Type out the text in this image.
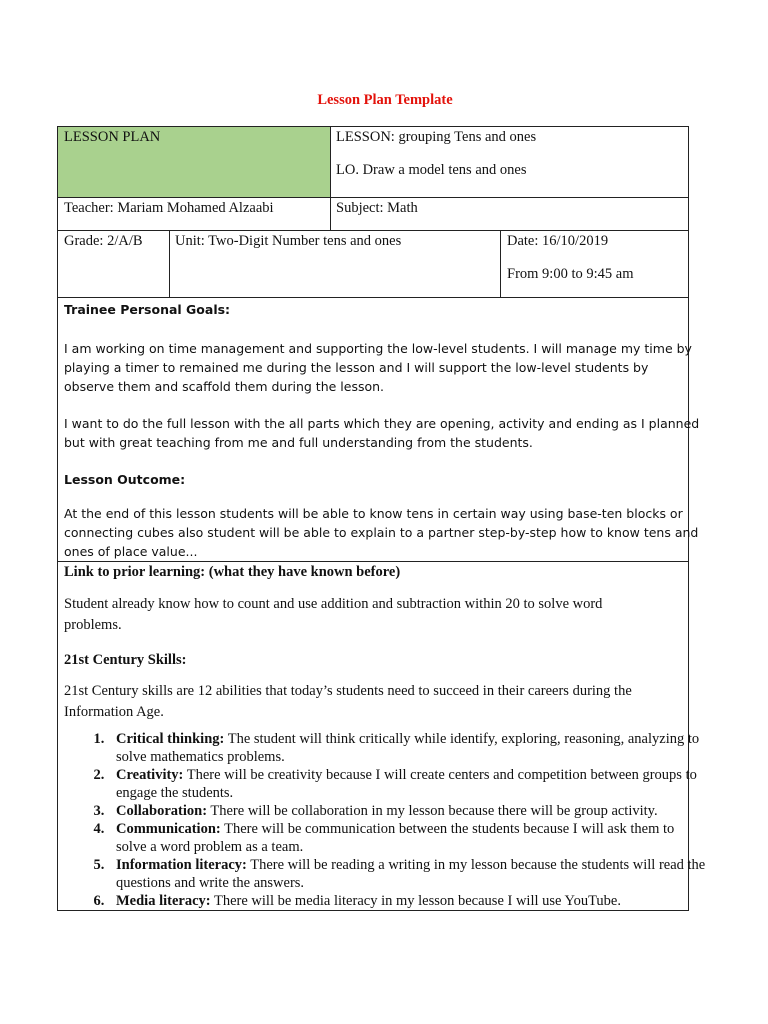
Lesson Plan Template

LESSON PLAN	LESSON: grouping Tens and ones

LO. Draw a model tens and ones

Teacher: Mariam Mohamed Alzaabi	Subject: Math

Grade: 2/A/B Unit: Two-Digit Number tens and ones	Date: 16/10/2019

From 9:00 to 9:45 am

Trainee Personal Goals:

I am working on time management and supporting the low-level students. I will manage my time by

playing a timer to remained me during the lesson and I will support the low-level students by

observe them and scaffold them during the lesson.

I want to do the full lesson with the all parts which they are opening, activity and ending as I planned

but with great teaching from me and full understanding from the students.

Lesson Outcome:

At the end of this lesson students will be able to know tens in certain way using base-ten blocks or

connecting cubes also student will be able to explain to a partner step-by-step how to know tens and

ones of place value...

Link to prior learning: (what they have known before)

Student already know how to count and use addition and subtraction within 20 to solve word

problems.

21st Century Skills:

21st Century skills are 12 abilities that today’s students need to succeed in their careers during the

Information Age.

1. Critical thinking: The student will think critically while identify, exploring, reasoning, analyzing to solve mathematics problems.
2. Creativity: There will be creativity because I will create centers and competition between groups to engage the students.
3. Collaboration: There will be collaboration in my lesson because there will be group activity.
4. Communication: There will be communication between the students because I will ask them to solve a word problem as a team.
5. Information literacy: There will be reading a writing in my lesson because the students will read the questions and write the answers.
6. Media literacy: There will be media literacy in my lesson because I will use YouTube.
